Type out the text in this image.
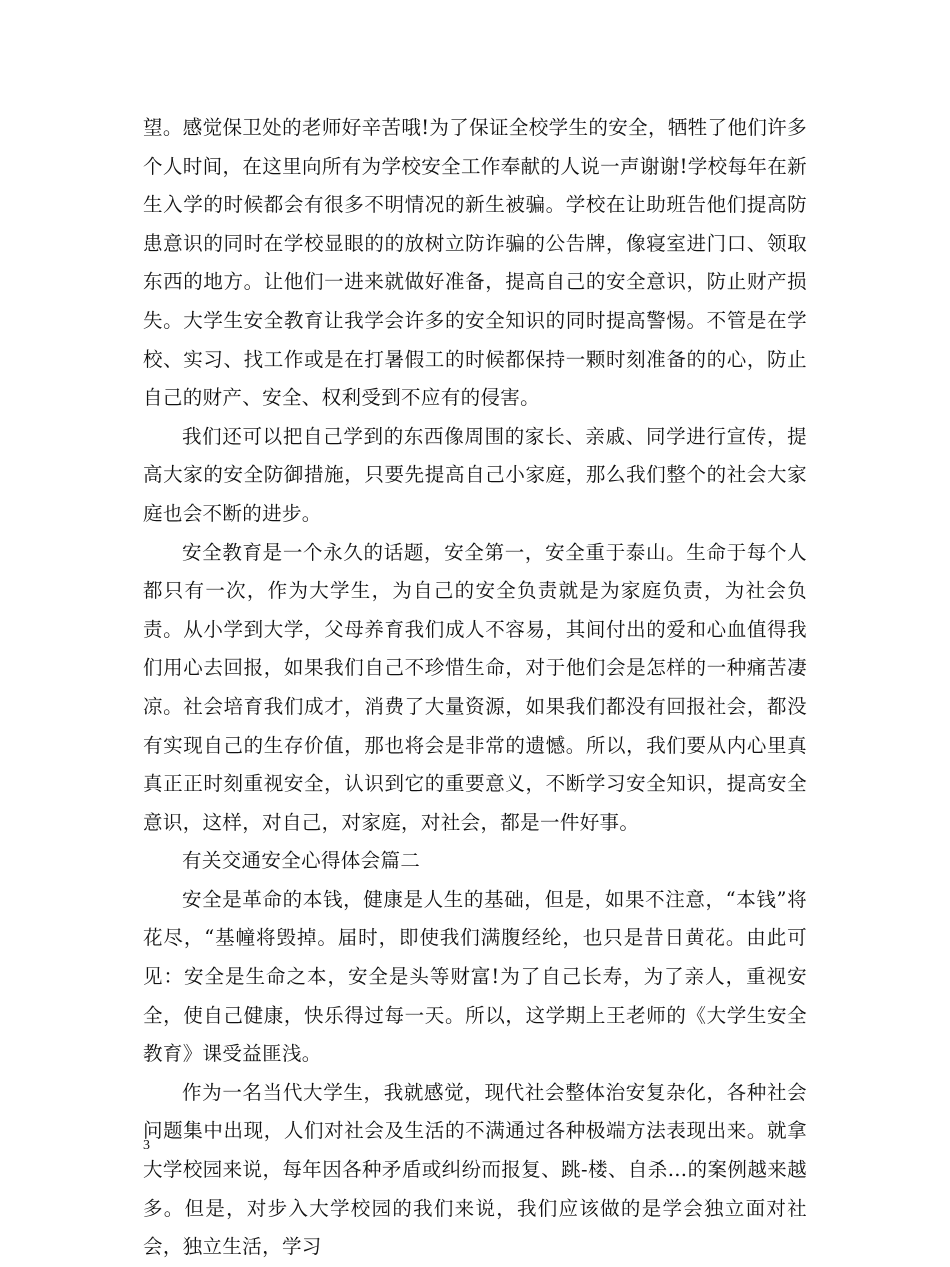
望。感觉保卫处的老师好辛苦哦!为了保证全校学生的安全，牺牲了他们许多个人时间，在这里向所有为学校安全工作奉献的人说一声谢谢!学校每年在新生入学的时候都会有很多不明情况的新生被骗。学校在让助班告他们提高防患意识的同时在学校显眼的的放树立防诈骗的公告牌，像寝室进门口、领取东西的地方。让他们一进来就做好准备，提高自己的安全意识，防止财产损失。大学生安全教育让我学会许多的安全知识的同时提高警惕。不管是在学校、实习、找工作或是在打暑假工的时候都保持一颗时刻准备的的心，防止自己的财产、安全、权利受到不应有的侵害。

我们还可以把自己学到的东西像周围的家长、亲戚、同学进行宣传，提高大家的安全防御措施，只要先提高自己小家庭，那么我们整个的社会大家庭也会不断的进步。

安全教育是一个永久的话题，安全第一，安全重于泰山。生命于每个人都只有一次，作为大学生，为自己的安全负责就是为家庭负责，为社会负责。从小学到大学，父母养育我们成人不容易，其间付出的爱和心血值得我们用心去回报，如果我们自己不珍惜生命，对于他们会是怎样的一种痛苦凄凉。社会培育我们成才，消费了大量资源，如果我们都没有回报社会，都没有实现自己的生存价值，那也将会是非常的遗憾。所以，我们要从内心里真真正正时刻重视安全，认识到它的重要意义，不断学习安全知识，提高安全意识，这样，对自己，对家庭，对社会，都是一件好事。

有关交通安全心得体会篇二

安全是革命的本钱，健康是人生的基础，但是，如果不注意，“本钱”将花尽，“基幢将毁掉。届时，即使我们满腹经纶，也只是昔日黄花。由此可见：安全是生命之本，安全是头等财富!为了自己长寿，为了亲人，重视安全，使自己健康，快乐得过每一天。所以，这学期上王老师的《大学生安全教育》课受益匪浅。

作为一名当代大学生，我就感觉，现代社会整体治安复杂化，各种社会问题集中出现，人们对社会及生活的不满通过各种极端方法表现出来。就拿大学校园来说，每年因各种矛盾或纠纷而报复、跳-楼、自杀…的案例越来越多。但是，对步入大学校园的我们来说，我们应该做的是学会独立面对社会，独立生活，学习

3
